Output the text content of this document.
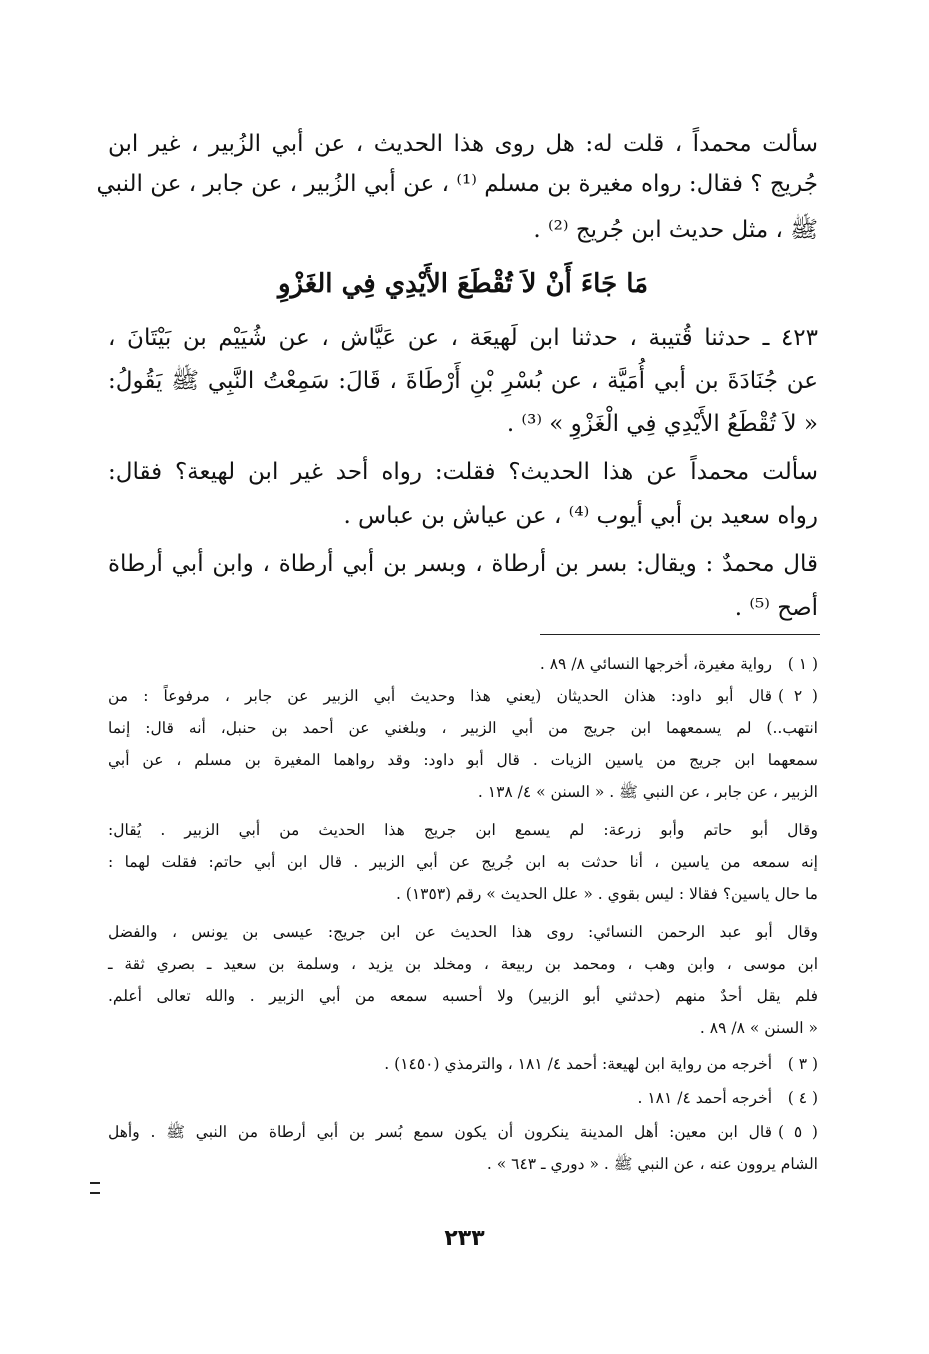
سألت محمداً ، قلت له: هل روى هذا الحديث ، عن أبي الزُبير ، غير ابن
جُريج ؟ فقال: رواه مغيرة بن مسلم ⁽¹⁾ ، عن أبي الزُبير ، عن جابر ، عن النبي
ﷺ ، مثل حديث ابن جُريج ⁽²⁾ .
مَا جَاءَ أَنْ لاَ تُقْطَعَ الأَيْدِي فِي الغَزْوِ
٤٢٣ ـ حدثنا قُتيبة ، حدثنا ابن لَهيعَة ، عن عَيَّاش ، عن شُيَيْم بن بَيْتَانَ ،
عن جُنَادَةَ بن أبي أُمَيَّة ، عن بُسْرِ بْنِ أَرْطَاةَ ، قَالَ: سَمِعْتُ النَّبِي ﷺ يَقُولُ:
« لاَ تُقْطَعُ الأَيْدِي فِي الْغَزْوِ » ⁽³⁾ .
سألت محمداً عن هذا الحديث؟ فقلت: رواه أحد غير ابن لهيعة؟ فقال:
رواه سعيد بن أبي أيوب ⁽⁴⁾ ، عن عياش بن عباس .
قال محمدٌ : ويقال: بسر بن أرطاة ، وبسر بن أبي أرطاة ، وابن أبي أرطاة
أصح ⁽⁵⁾ .
( ١ )رواية مغيرة، أخرجها النسائي ٨/ ٨٩ .
( ٢ )قال أبو داود: هذان الحديثان (يعني هذا وحديث أبي الزبير عن جابر ، مرفوعاً : من
انتهب..) لم يسمعهما ابن جريج من أبي الزبير ، وبلغني عن أحمد بن حنبل، أنه قال: إنما
سمعهما ابن جريج من ياسين الزيات . قال أبو داود: وقد رواهما المغيرة بن مسلم ، عن أبي
الزبير ، عن جابر ، عن النبي ﷺ . « السنن » ٤/ ١٣٨ .
وقال أبو حاتم وأبو زرعة: لم يسمع ابن جريج هذا الحديث من أبي الزبير . يُقال:
إنه سمعه من ياسين ، أنا حدثت به ابن جُريج عن أبي الزبير . قال ابن أبي حاتم: فقلت لهما :
ما حال ياسين؟ فقالا : ليس بقوي . « علل الحديث » رقم (١٣٥٣) .
وقال أبو عبد الرحمن النسائي: روى هذا الحديث عن ابن جريج: عيسى بن يونس ، والفضل
ابن موسى ، وابن وهب ، ومحمد بن ربيعة ، ومخلد بن يزيد ، وسلمة بن سعيد ـ بصري ثقة ـ
فلم يقل أحدٌ منهم (حدثني أبو الزبير) ولا أحسبه سمعه من أبي الزبير . والله تعالى أعلم.
« السنن » ٨/ ٨٩ .
( ٣ )أخرجه من رواية ابن لهيعة: أحمد ٤/ ١٨١ ، والترمذي (١٤٥٠) .
( ٤ )أخرجه أحمد ٤/ ١٨١ .
( ٥ )قال ابن معين: أهل المدينة ينكرون أن يكون سمع بُسر بن أبي أرطاة من النبي ﷺ . وأهل
الشام يروون عنه ، عن النبي ﷺ . « دوري ـ ٦٤٣ » .
٢٣٣
